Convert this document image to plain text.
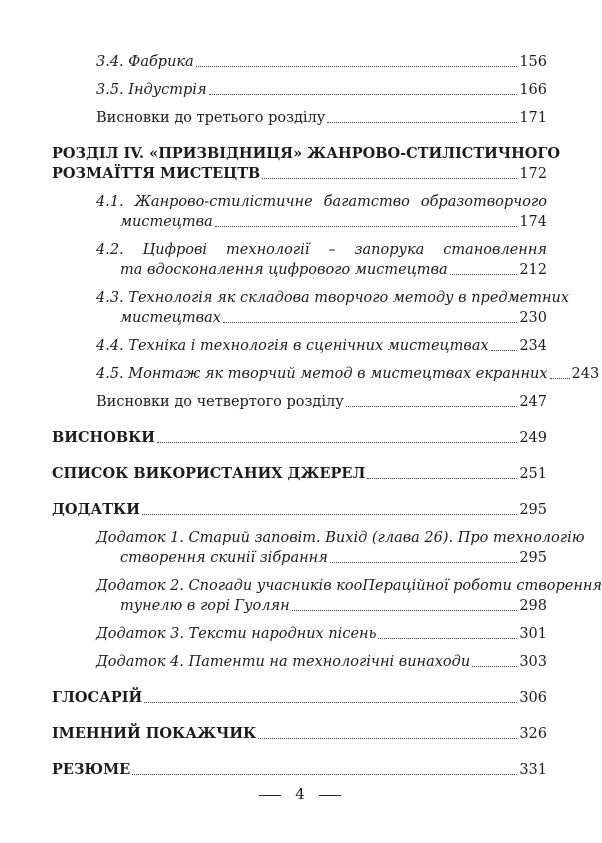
3.4. Фабрика	156
3.5. Індустрія	166
Висновки до третього розділу	171
РОЗДІЛ IV. «ПРИЗВІДНИЦЯ» ЖАНРОВО-СТИЛІСТИЧНОГО
РОЗМАЇТТЯ МИСТЕЦТВ	172
4.1. Жанрово-стилістичне багатство образотворчого
мистецтва	174
4.2. Цифрові технології – запорука становлення
та вдосконалення цифрового мистецтва	212
4.3. Технологія як складова творчого методу в предметних
мистецтвах	230
4.4. Техніка і технологія в сценічних мистецтвах 234
4.5. Монтаж як творчий метод в мистецтвах екранних 243
Висновки до четвертого розділу	247
ВИСНОВКИ	249
СПИСОК ВИКОРИСТАНИХ ДЖЕРЕЛ	251
ДОДАТКИ	295
Додаток 1. Старий заповіт. Вихід (глава 26). Про технологію
створення скинії зібрання	295
Додаток 2. Спогади учасників кооПераційної роботи створення
тунелю в горі Гуолян	298
Додаток 3. Тексти народних пісень	301
Додаток 4. Патенти на технологічні винаходи	303
ГЛОСАРІЙ	306
ІМЕННИЙ ПОКАЖЧИК	326
РЕЗЮМЕ	331
4
